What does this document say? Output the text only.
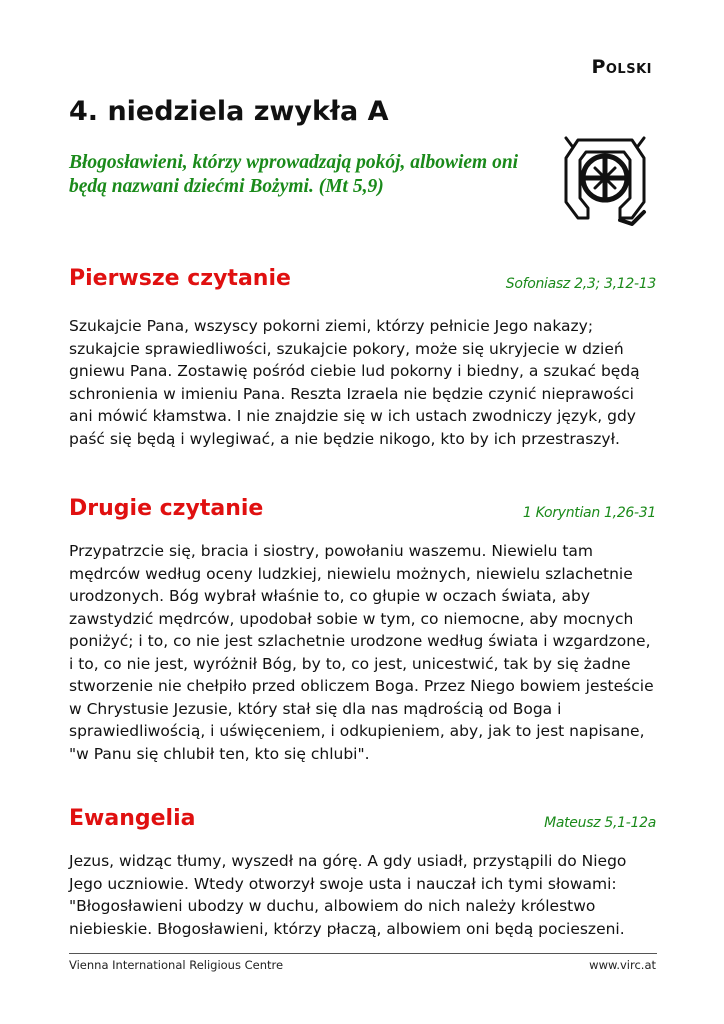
Polski
4. niedziela zwykła A

Błogosławieni, którzy wprowadzają pokój, albowiem oni będą nazwani dziećmi Bożymi. (Mt 5,9)

Pierwsze czytanie	Sofoniasz 2,3; 3,12-13

Szukajcie Pana, wszyscy pokorni ziemi, którzy pełnicie Jego nakazy; szukajcie sprawiedliwości, szukajcie pokory, może się ukryjecie w dzień gniewu Pana. Zostawię pośród ciebie lud pokorny i biedny, a szukać będą schronienia w imieniu Pana. Reszta Izraela nie będzie czynić nieprawości ani mówić kłamstwa. I nie znajdzie się w ich ustach zwodniczy język, gdy paść się będą i wylegiwać, a nie będzie nikogo, kto by ich przestraszył.

Drugie czytanie	1 Koryntian 1,26-31

Przypatrzcie się, bracia i siostry, powołaniu waszemu. Niewielu tam mędrców według oceny ludzkiej, niewielu możnych, niewielu szlachetnie urodzonych. Bóg wybrał właśnie to, co głupie w oczach świata, aby zawstydzić mędrców, upodobał sobie w tym, co niemocne, aby mocnych poniżyć; i to, co nie jest szlachetnie urodzone według świata i wzgardzone, i to, co nie jest, wyróżnił Bóg, by to, co jest, unicestwić, tak by się żadne stworzenie nie chełpiło przed obliczem Boga. Przez Niego bowiem jesteście w Chrystusie Jezusie, który stał się dla nas mądrością od Boga i sprawiedliwością, i uświęceniem, i odkupieniem, aby, jak to jest napisane, "w Panu się chlubił ten, kto się chlubi".

Ewangelia	Mateusz 5,1-12a

Jezus, widząc tłumy, wyszedł na górę. A gdy usiadł, przystąpili do Niego Jego uczniowie. Wtedy otworzył swoje usta i nauczał ich tymi słowami: "Błogosławieni ubodzy w duchu, albowiem do nich należy królestwo niebieskie. Błogosławieni, którzy płaczą, albowiem oni będą pocieszeni.

Vienna International Religious Centre	www.virc.at
